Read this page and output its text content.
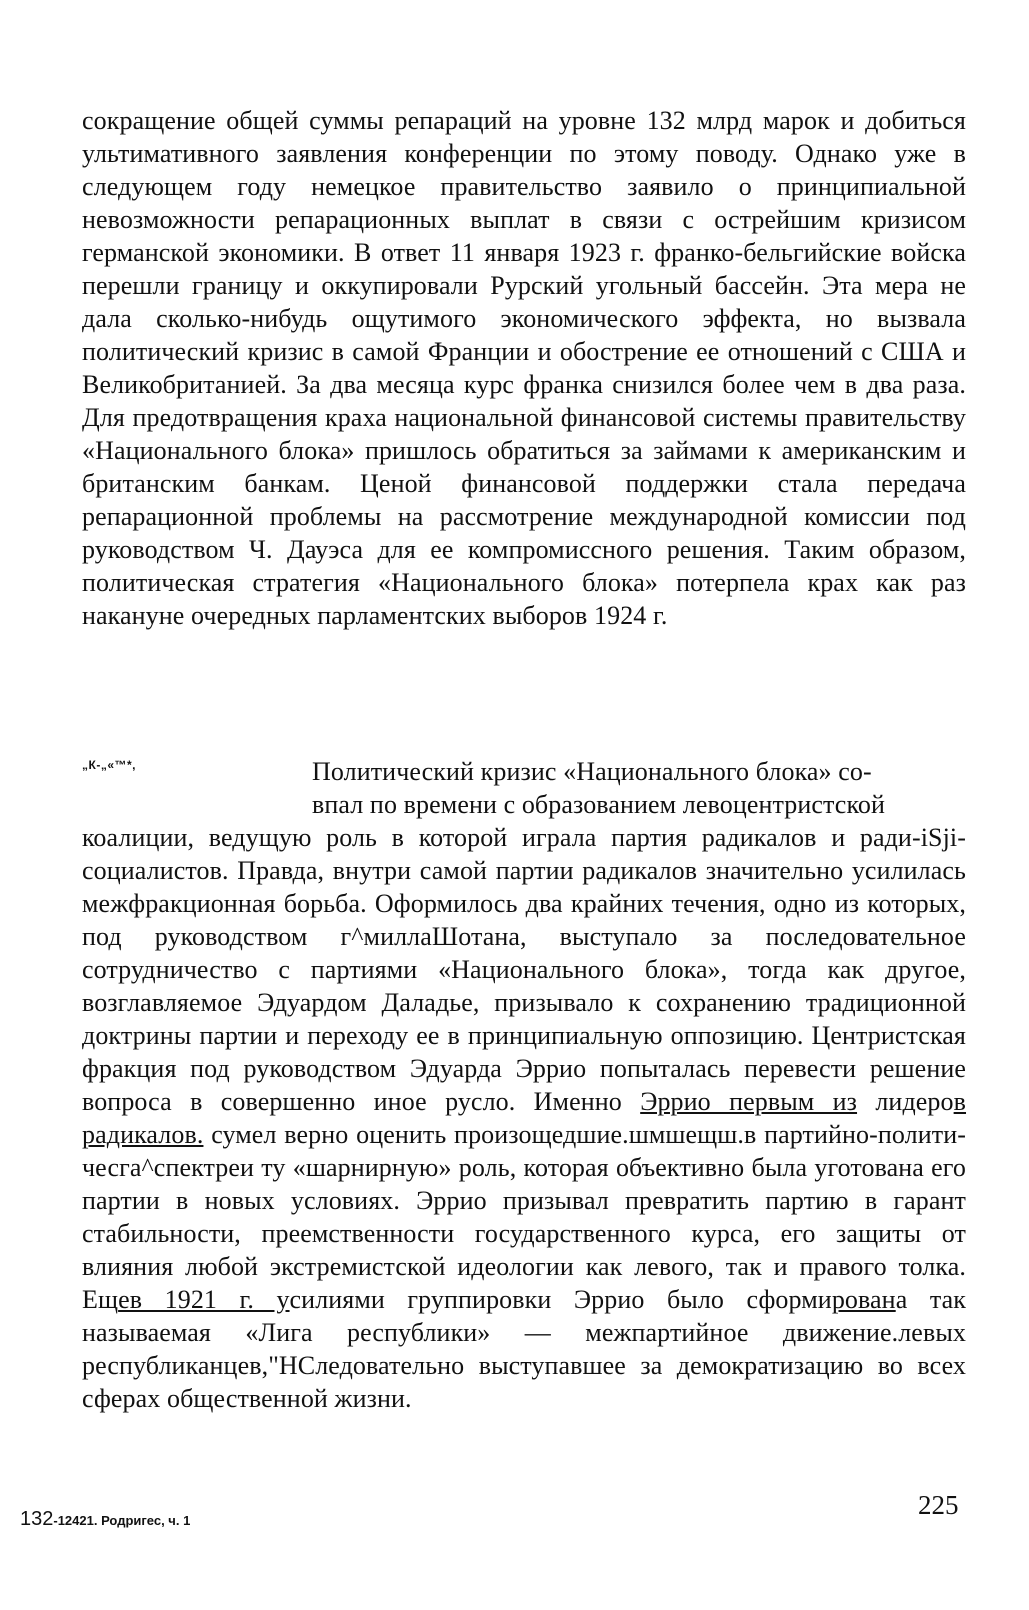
сокращение общей суммы репараций на уровне 132 млрд марок и добиться ультимативного заявления конференции по этому поводу. Однако уже в следующем году немецкое правительство заявило о принципиальной невозможности репарационных выплат в связи с острейшим кризисом германской экономики. В ответ 11 января 1923 г. франко-бельгийские войска перешли границу и оккупировали Рурский угольный бассейн. Эта мера не дала сколько-нибудь ощутимого экономического эффекта, но вызвала политический кризис в самой Франции и обострение ее отношений с США и Великобританией. За два месяца курс франка снизился более чем в два раза. Для предотвращения краха национальной финансовой системы правительству «Национального блока» пришлось обратиться за займами к американским и британским банкам. Ценой финансовой поддержки стала передача репарационной проблемы на рассмотрение международной комиссии под руководством Ч. Дауэса для ее компромиссного решения. Таким образом, политическая стратегия «Национального блока» потерпела крах как раз накануне очередных парламентских выборов 1924 г.
„К-„«™*,	Политический кризис «Национального блока» со-
впал по времени с образованием левоцентристской
коалиции, ведущую роль в которой играла партия радикалов и ради-iSji-социалистов. Правда, внутри самой партии радикалов значительно усилилась межфракционная борьба. Оформилось два крайних течения, одно из которых, под руководством г^миллаШотана, выступало за последовательное сотрудничество с партиями «Национального блока», тогда как другое, возглавляемое Эдуардом Даладье, призывало к сохранению традиционной доктрины партии и переходу ее в принципиальную оппозицию. Центристская фракция под руководством Эдуарда Эррио попыталась перевести решение вопроса в совершенно иное русло. Именно Эррио первым из лидеров радикалов. сумел верно оценить произощедшие.шмшещш.в партийно-полити-чесга^спектреи ту «шарнирную» роль, которая объективно была уготована его партии в новых условиях. Эррио призывал превратить партию в гарант стабильности, преемственности государственного курса, его защиты от влияния любой экстремистской идеологии как левого, так и правого толка. Ещев 1921 г. усилиями группировки Эррио было сформирована так называемая «Лига республики» — межпартийное движение.левых республиканцев,"НСледовательно выступавшее за демократизацию во всех сферах общественной жизни.
132-12421. Родригес, ч. 1
225
